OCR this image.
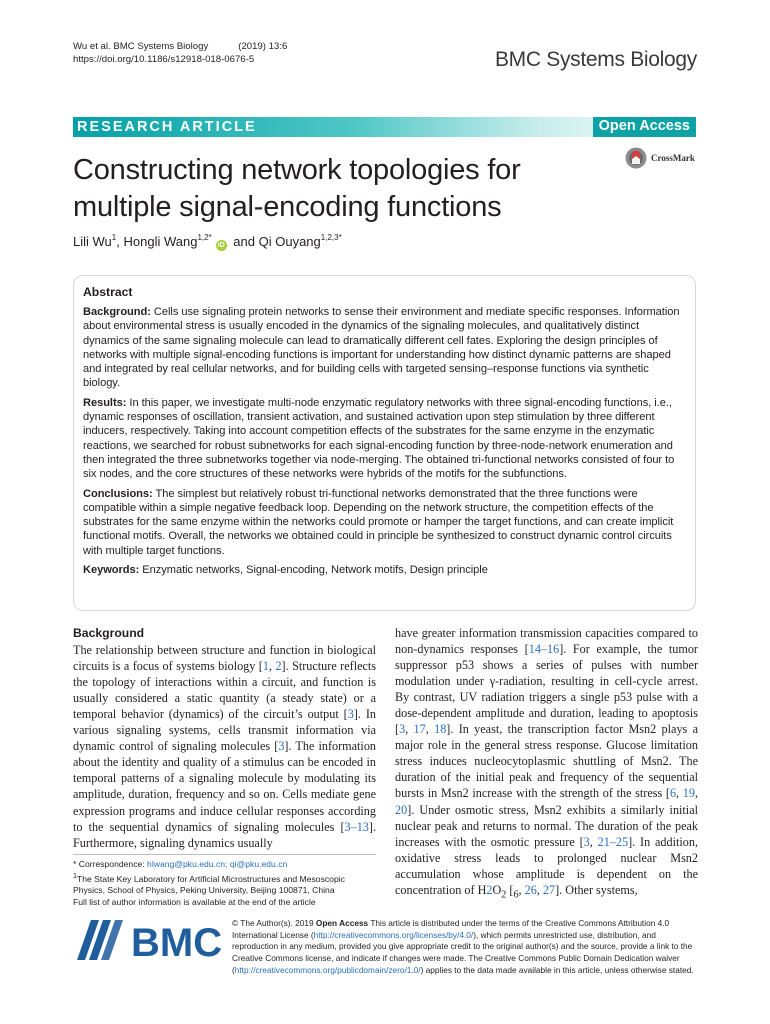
Wu et al. BMC Systems Biology	(2019) 13:6
https://doi.org/10.1186/s12918-018-0676-5	BMC Systems Biology
RESEARCH ARTICLE	Open Access
Constructing network topologies for multiple signal-encoding functions
CrossMark
Lili Wu$^1$, Hongli Wang$^{1,2*}$iD and Qi Ouyang$^{1,2,3*}$
Abstract

Background: Cells use signaling protein networks to sense their environment and mediate specific responses. Information about environmental stress is usually encoded in the dynamics of the signaling molecules, and qualitatively distinct dynamics of the same signaling molecule can lead to dramatically different cell fates. Exploring the design principles of networks with multiple signal-encoding functions is important for understanding how distinct dynamic patterns are shaped and integrated by real cellular networks, and for building cells with targeted sensing–response functions via synthetic biology.

Results: In this paper, we investigate multi-node enzymatic regulatory networks with three signal-encoding functions, i.e., dynamic responses of oscillation, transient activation, and sustained activation upon step stimulation by three different inducers, respectively. Taking into account competition effects of the substrates for the same enzyme in the enzymatic reactions, we searched for robust subnetworks for each signal-encoding function by three-node-network enumeration and then integrated the three subnetworks together via node-merging. The obtained tri-functional networks consisted of four to six nodes, and the core structures of these networks were hybrids of the motifs for the subfunctions.

Conclusions: The simplest but relatively robust tri-functional networks demonstrated that the three functions were compatible within a simple negative feedback loop. Depending on the network structure, the competition effects of the substrates for the same enzyme within the networks could promote or hamper the target functions, and can create implicit functional motifs. Overall, the networks we obtained could in principle be synthesized to construct dynamic control circuits with multiple target functions.

Keywords: Enzymatic networks, Signal-encoding, Network motifs, Design principle

Background

The relationship between structure and function in biological circuits is a focus of systems biology [1, 2]. Structure reflects the topology of interactions within a circuit, and function is usually considered a static quantity (a steady state) or a temporal behavior (dynamics) of the circuit’s output [3]. In various signaling systems, cells transmit information via dynamic control of signaling molecules [3]. The information about the identity and quality of a stimulus can be encoded in temporal patterns of a signaling molecule by modulating its amplitude, duration, frequency and so on. Cells mediate gene expression programs and induce cellular responses according to the sequential dynamics of signaling molecules [3–13]. Furthermore, signaling dynamics usually

have greater information transmission capacities compared to non-dynamics responses [14–16]. For example, the tumor suppressor p53 shows a series of pulses with number modulation under γ-radiation, resulting in cell-cycle arrest. By contrast, UV radiation triggers a single p53 pulse with a dose-dependent amplitude and duration, leading to apoptosis [3, 17, 18]. In yeast, the transcription factor Msn2 plays a major role in the general stress response. Glucose limitation stress induces nucleocytoplasmic shuttling of Msn2. The duration of the initial peak and frequency of the sequential bursts in Msn2 increase with the strength of the stress [6, 19, 20]. Under osmotic stress, Msn2 exhibits a similarly initial nuclear peak and returns to normal. The duration of the peak increases with the osmotic pressure [3, 21–25]. In addition, oxidative stress leads to prolonged nuclear Msn2 accumulation whose amplitude is dependent on the concentration of $H2O_2$ [$_6$, 26, 27]. Other systems,

* Correspondence: hlwang@pku.edu.cn; qi@pku.edu.cn
$^1$The State Key Laboratory for Artificial Microstructures and Mesoscopic Physics, School of Physics, Peking University, Beijing 100871, China
Full list of author information is available at the end of the article
BMC © The Author(s). 2019 Open Access This article is distributed under the terms of the Creative Commons Attribution 4.0 International License (http://creativecommons.org/licenses/by/4.0/), which permits unrestricted use, distribution, and reproduction in any medium, provided you give appropriate credit to the original author(s) and the source, provide a link to the Creative Commons license, and indicate if changes were made. The Creative Commons Public Domain Dedication waiver (http://creativecommons.org/publicdomain/zero/1.0/) applies to the data made available in this article, unless otherwise stated.
